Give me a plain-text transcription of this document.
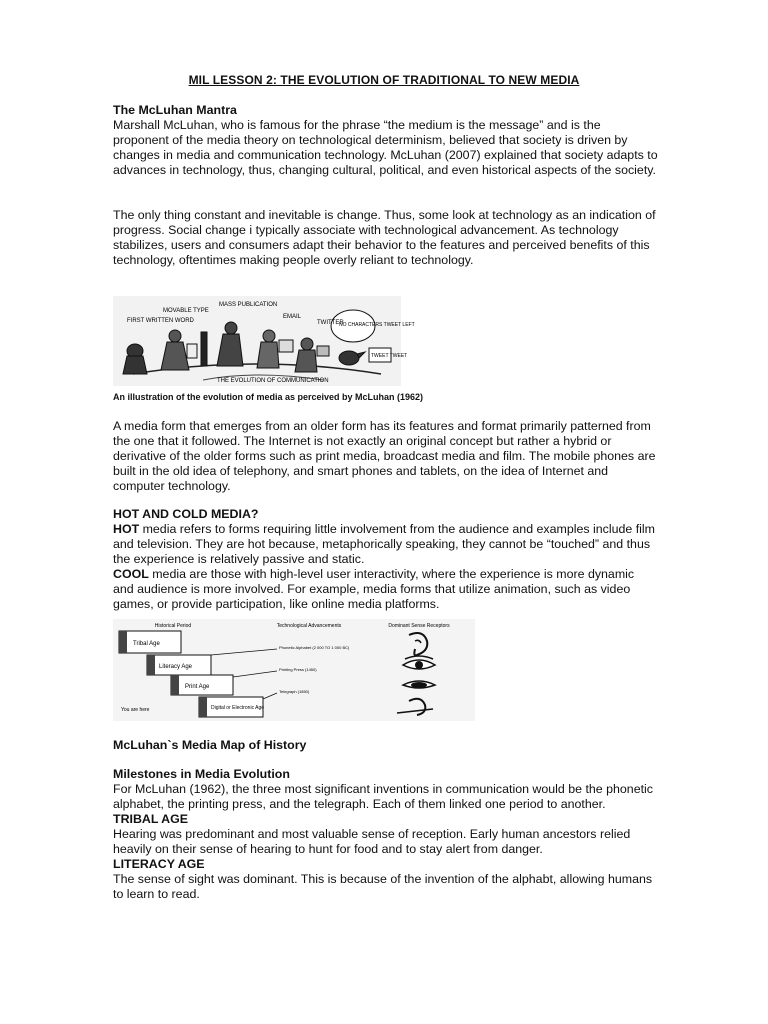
MIL LESSON 2: THE EVOLUTION OF TRADITIONAL TO NEW MEDIA

The McLuhan Mantra

Marshall McLuhan, who is famous for the phrase “the medium is the message” and is the proponent of the media theory on technological determinism, believed that society is driven by changes in media and communication technology. McLuhan (2007) explained that society adapts to advances in technology, thus, changing cultural, political, and even historical aspects of the society.

The only thing constant and inevitable is change. Thus, some look at technology as an indication of progress. Social change i typically associate with technological advancement. As technology stabilizes, users and consumers adapt their behavior to the features and perceived benefits of this technology, oftentimes making people overly reliant to technology.

FIRST WRITTEN WORD
MOVABLE TYPE
MASS PUBLICATION
EMAIL
TWITTER
NO CHARACTERS TWEET LEFT
TWEET TWEET
THE EVOLUTION OF COMMUNICATION
An illustration of the evolution of media as perceived by McLuhan (1962)

A media form that emerges from an older form has its features and format primarily patterned from the one that it followed. The Internet is not exactly an original concept but rather a hybrid or derivative of the older forms such as print media, broadcast media and film. The mobile phones are built in the old idea of telephony, and smart phones and tablets, on the idea of Internet and computer technology.

HOT AND COLD MEDIA?

HOT media refers to forms requiring little involvement from the audience and examples include film and television. They are hot because, metaphorically speaking, they cannot be “touched” and thus the experience is relatively passive and static.

COOL media are those with high-level user interactivity, where the experience is more dynamic and audience is more involved. For example, media forms that utilize animation, such as video games, or provide participation, like online media platforms.

Historical Period	Technological Advancements	Dominant Sense Receptors
Tribal Age
Literacy Age
Print Age
Digital or Electronic Age
You are here
Phonetic Alphabet (2 000 TO 1 000 BC)
Printing Press (1450)
Telegraph (1850)

McLuhan`s Media Map of History

Milestones in Media Evolution

For McLuhan (1962), the three most significant inventions in communication would be the phonetic alphabet, the printing press, and the telegraph. Each of them linked one period to another.

TRIBAL AGE

Hearing was predominant and most valuable sense of reception. Early human ancestors relied heavily on their sense of hearing to hunt for food and to stay alert from danger.

LITERACY AGE

The sense of sight was dominant. This is because of the invention of the alphabt, allowing humans to learn to read.
